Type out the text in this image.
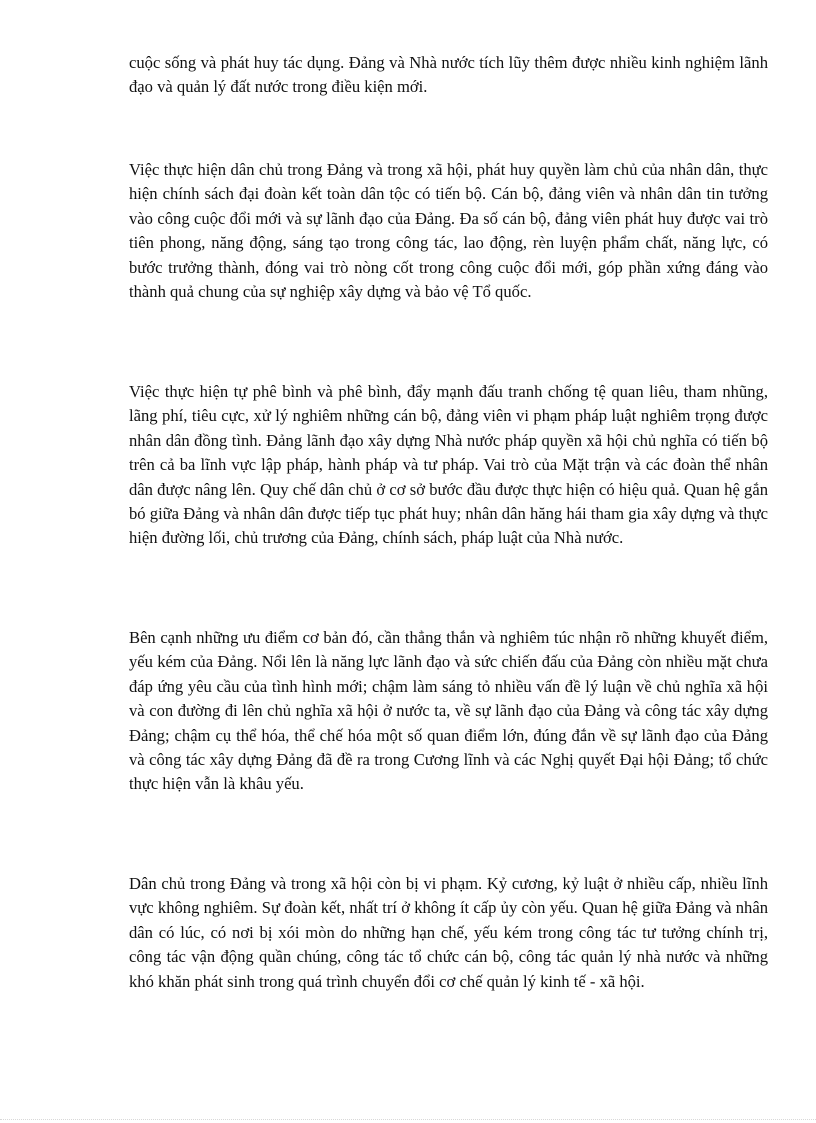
cuộc sống và phát huy tác dụng. Đảng và Nhà nước tích lũy thêm được nhiều kinh nghiệm lãnh đạo và quản lý đất nước trong điều kiện mới.

Việc thực hiện dân chủ trong Đảng và trong xã hội, phát huy quyền làm chủ của nhân dân, thực hiện chính sách đại đoàn kết toàn dân tộc có tiến bộ. Cán bộ, đảng viên và nhân dân tin tưởng vào công cuộc đổi mới và sự lãnh đạo của Đảng. Đa số cán bộ, đảng viên phát huy được vai trò tiên phong, năng động, sáng tạo trong công tác, lao động, rèn luyện phẩm chất, năng lực, có bước trưởng thành, đóng vai trò nòng cốt trong công cuộc đổi mới, góp phần xứng đáng vào thành quả chung của sự nghiệp xây dựng và bảo vệ Tổ quốc.

Việc thực hiện tự phê bình và phê bình, đẩy mạnh đấu tranh chống tệ quan liêu, tham nhũng, lãng phí, tiêu cực, xử lý nghiêm những cán bộ, đảng viên vi phạm pháp luật nghiêm trọng được nhân dân đồng tình. Đảng lãnh đạo xây dựng Nhà nước pháp quyền xã hội chủ nghĩa có tiến bộ trên cả ba lĩnh vực lập pháp, hành pháp và tư pháp. Vai trò của Mặt trận và các đoàn thể nhân dân được nâng lên. Quy chế dân chủ ở cơ sở bước đầu được thực hiện có hiệu quả. Quan hệ gắn bó giữa Đảng và nhân dân được tiếp tục phát huy; nhân dân hăng hái tham gia xây dựng và thực hiện đường lối, chủ trương của Đảng, chính sách, pháp luật của Nhà nước.

Bên cạnh những ưu điểm cơ bản đó, cần thẳng thắn và nghiêm túc nhận rõ những khuyết điểm, yếu kém của Đảng. Nổi lên là năng lực lãnh đạo và sức chiến đấu của Đảng còn nhiều mặt chưa đáp ứng yêu cầu của tình hình mới; chậm làm sáng tỏ nhiều vấn đề lý luận về chủ nghĩa xã hội và con đường đi lên chủ nghĩa xã hội ở nước ta, về sự lãnh đạo của Đảng và công tác xây dựng Đảng; chậm cụ thể hóa, thể chế hóa một số quan điểm lớn, đúng đắn về sự lãnh đạo của Đảng và công tác xây dựng Đảng đã đề ra trong Cương lĩnh và các Nghị quyết Đại hội Đảng; tổ chức thực hiện vẫn là khâu yếu.

Dân chủ trong Đảng và trong xã hội còn bị vi phạm. Kỷ cương, kỷ luật ở nhiều cấp, nhiều lĩnh vực không nghiêm. Sự đoàn kết, nhất trí ở không ít cấp ủy còn yếu. Quan hệ giữa Đảng và nhân dân có lúc, có nơi bị xói mòn do những hạn chế, yếu kém trong công tác tư tưởng chính trị, công tác vận động quần chúng, công tác tổ chức cán bộ, công tác quản lý nhà nước và những khó khăn phát sinh trong quá trình chuyển đổi cơ chế quản lý kinh tế - xã hội.
